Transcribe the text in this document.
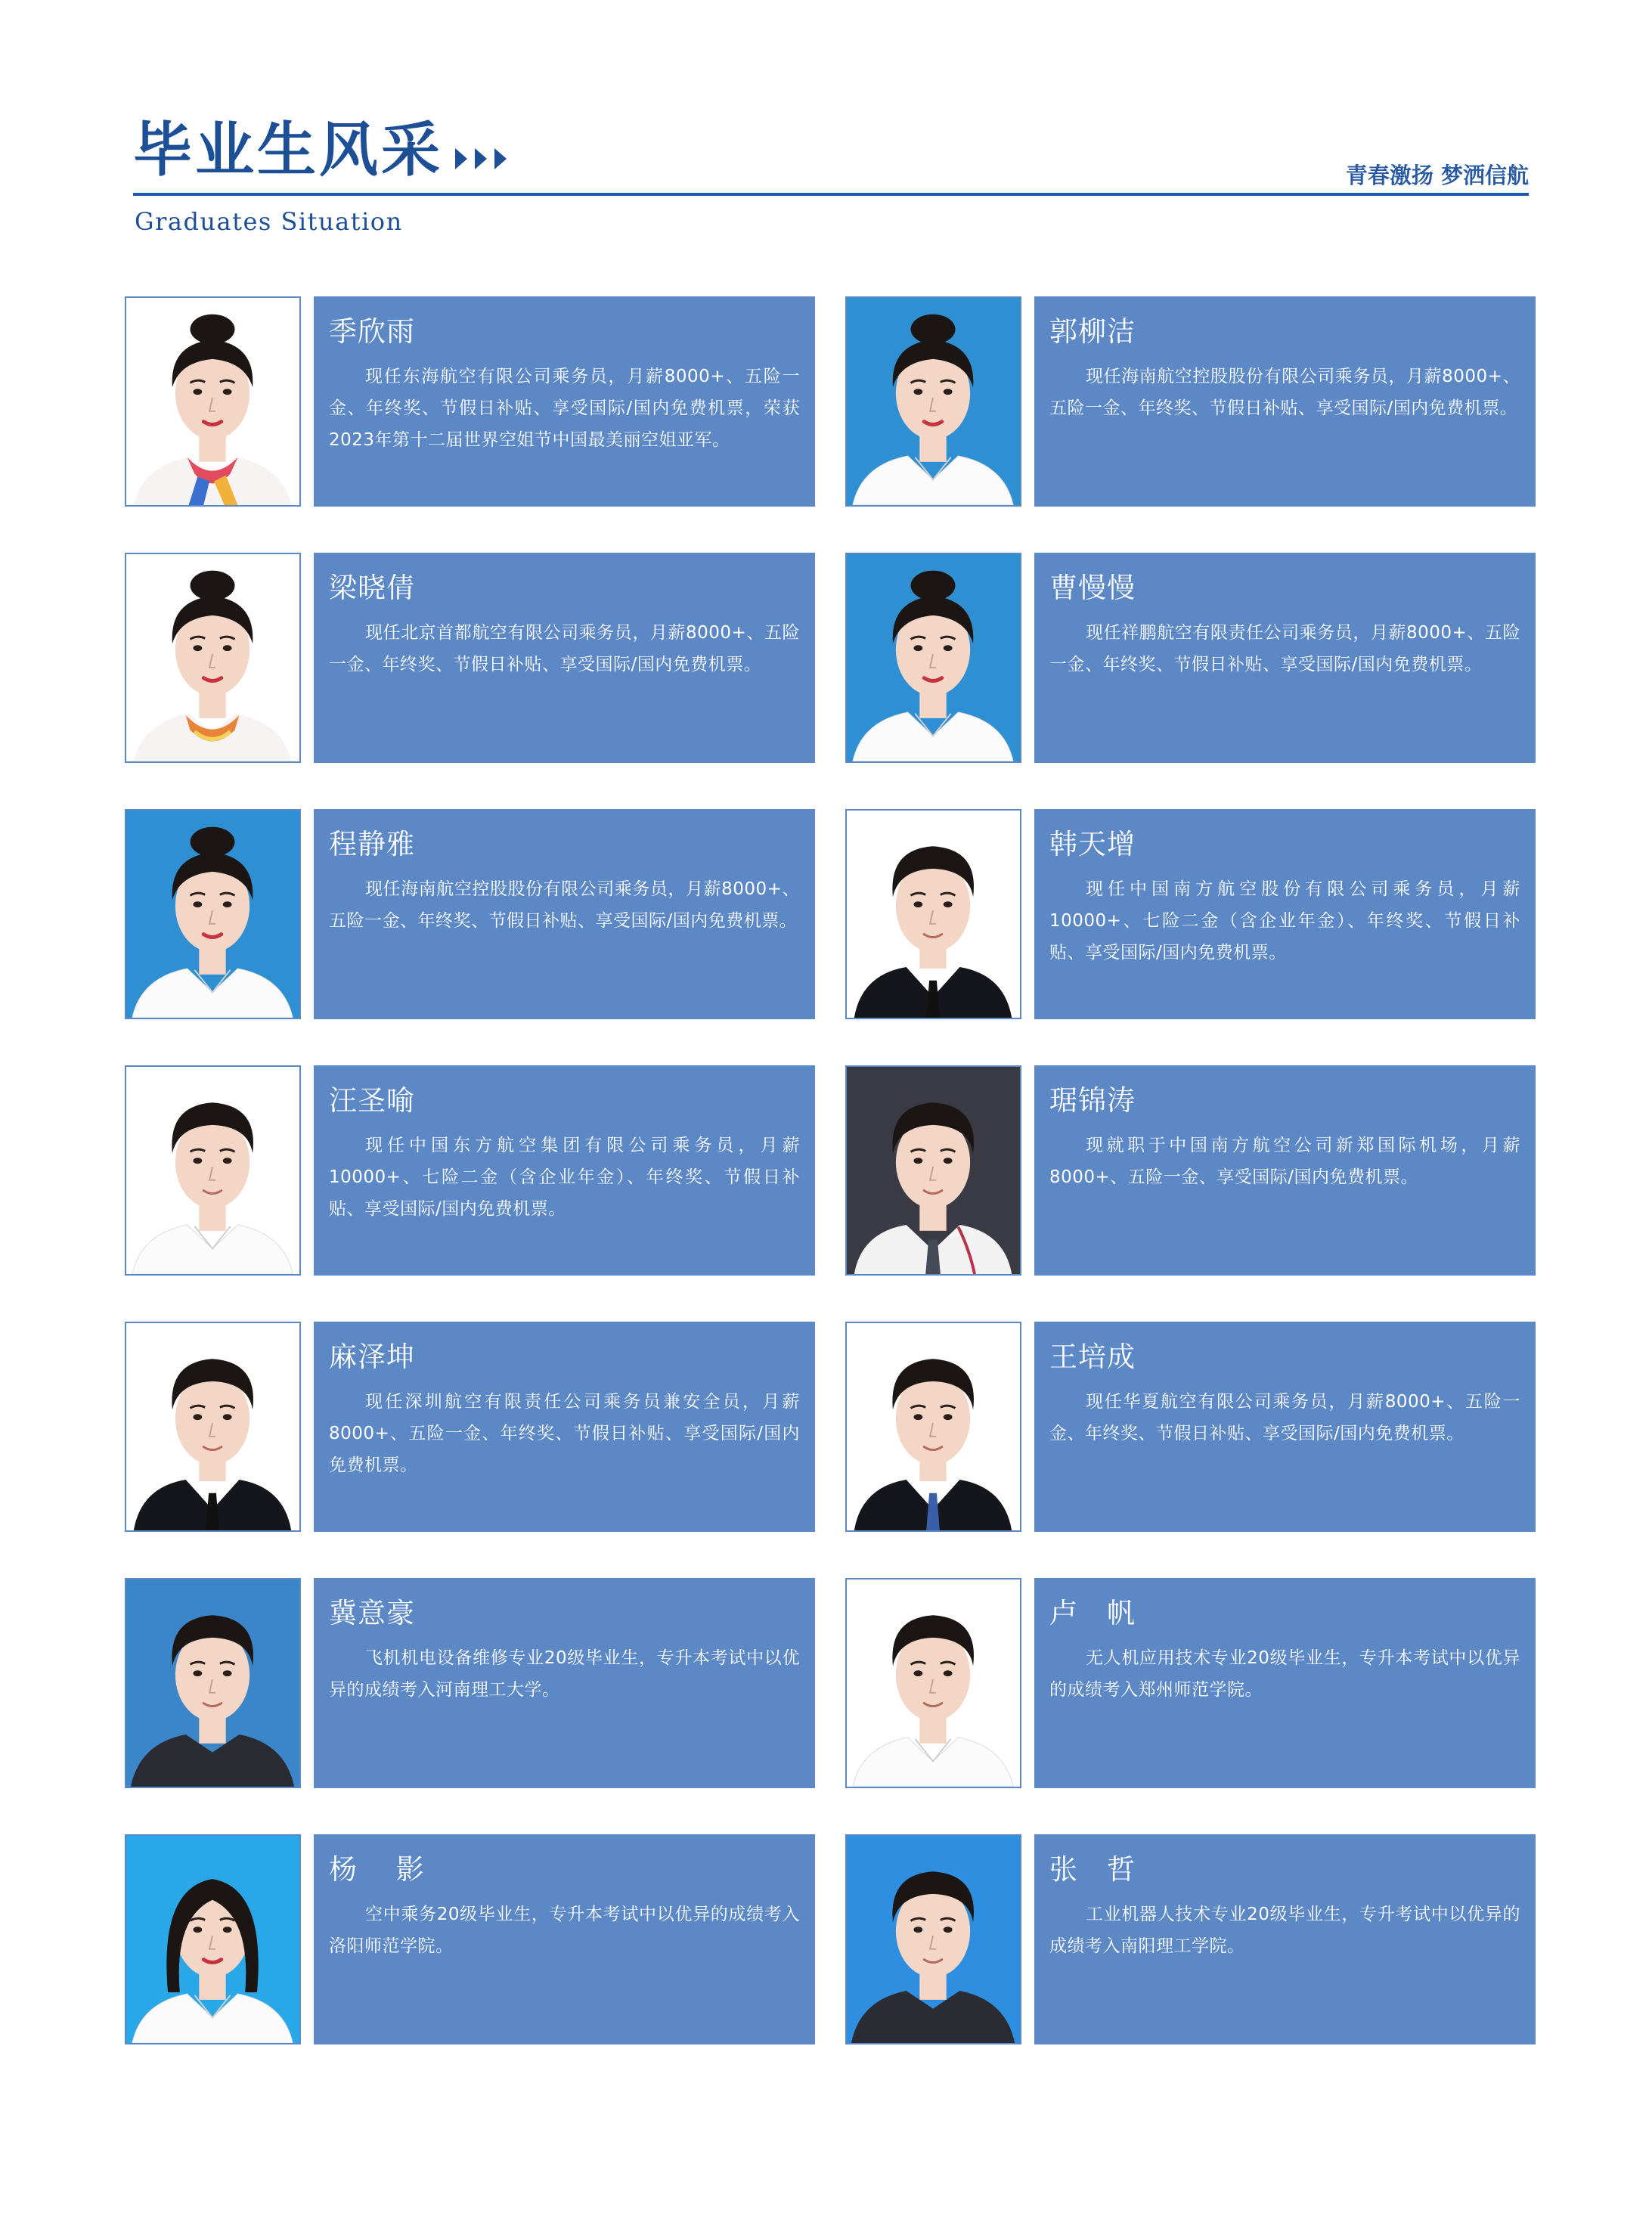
毕业生风采	青春激扬 梦洒信航
Graduates Situation
季欣雨

现任东海航空有限公司乘务员，月薪8000+、五险一金、年终奖、节假日补贴、享受国际/国内免费机票，荣获2023年第十二届世界空姐节中国最美丽空姐亚军。

郭柳洁

现任海南航空控股股份有限公司乘务员，月薪8000+、五险一金、年终奖、节假日补贴、享受国际/国内免费机票。

梁晓倩

现任北京首都航空有限公司乘务员，月薪8000+、五险一金、年终奖、节假日补贴、享受国际/国内免费机票。

曹慢慢

现任祥鹏航空有限责任公司乘务员，月薪8000+、五险一金、年终奖、节假日补贴、享受国际/国内免费机票。

程静雅

现任海南航空控股股份有限公司乘务员，月薪8000+、五险一金、年终奖、节假日补贴、享受国际/国内免费机票。

韩天增

现任中国南方航空股份有限公司乘务员，月薪10000+、七险二金（含企业年金）、年终奖、节假日补贴、享受国际/国内免费机票。

汪圣喻

现任中国东方航空集团有限公司乘务员，月薪10000+、七险二金（含企业年金）、年终奖、节假日补贴、享受国际/国内免费机票。

琚锦涛

现就职于中国南方航空公司新郑国际机场，月薪8000+、五险一金、享受国际/国内免费机票。

麻泽坤

现任深圳航空有限责任公司乘务员兼安全员，月薪8000+、五险一金、年终奖、节假日补贴、享受国际/国内免费机票。

王培成

现任华夏航空有限公司乘务员，月薪8000+、五险一金、年终奖、节假日补贴、享受国际/国内免费机票。

冀意豪

飞机机电设备维修专业20级毕业生，专升本考试中以优异的成绩考入河南理工大学。

卢　帆

无人机应用技术专业20级毕业生，专升本考试中以优异的成绩考入郑州师范学院。

杨　 影

空中乘务20级毕业生，专升本考试中以优异的成绩考入洛阳师范学院。

张　哲

工业机器人技术专业20级毕业生，专升考试中以优异的成绩考入南阳理工学院。
